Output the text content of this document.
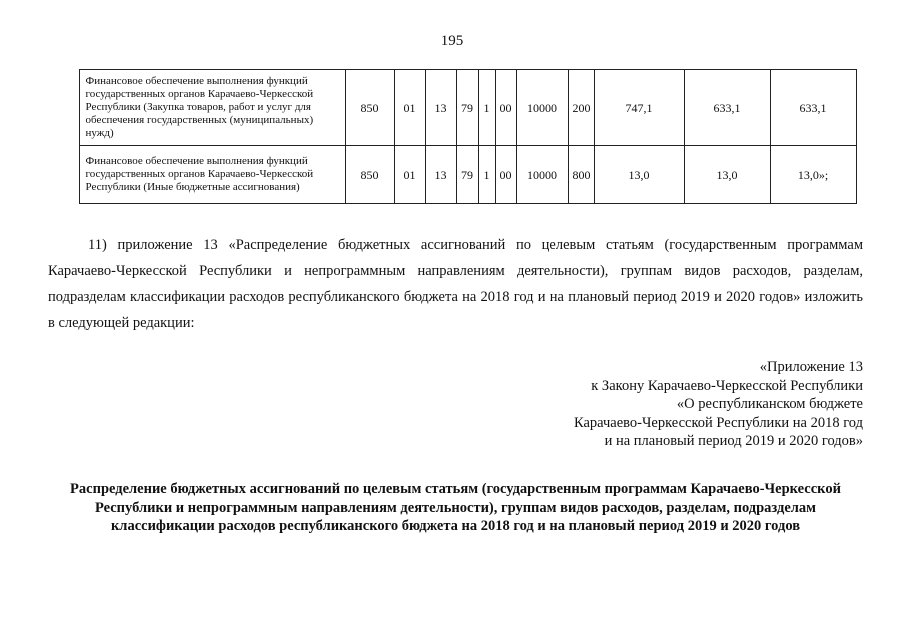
195
	Финансовое обеспечение выполнения функций государственных органов Карачаево-Черкесской Республики (Закупка товаров, работ и услуг для обеспечения государственных (муниципальных) нужд)	850	01	13	79	1	00	10000	200	747,1	633,1	633,1
	Финансовое обеспечение выполнения функций государственных органов Карачаево-Черкесской Республики (Иные бюджетные ассигнования)	850	01	13	79	1	00	10000	800	13,0	13,0	13,0»;
11) приложение 13 «Распределение бюджетных ассигнований по целевым статьям (государственным программам Карачаево-Черкесской Республики и непрограммным направлениям деятельности), группам видов расходов, разделам, подразделам классификации расходов республиканского бюджета на 2018 год и на плановый период 2019 и 2020 годов» изложить в следующей редакции:
«Приложение 13
к Закону Карачаево-Черкесской Республики
«О республиканском бюджете
Карачаево-Черкесской Республики на 2018 год
и на плановый период 2019 и 2020 годов»
Распределение бюджетных ассигнований по целевым статьям (государственным программам Карачаево-Черкесской Республики и непрограммным направлениям деятельности), группам видов расходов, разделам, подразделам классификации расходов республиканского бюджета на 2018 год и на плановый период 2019 и 2020 годов
